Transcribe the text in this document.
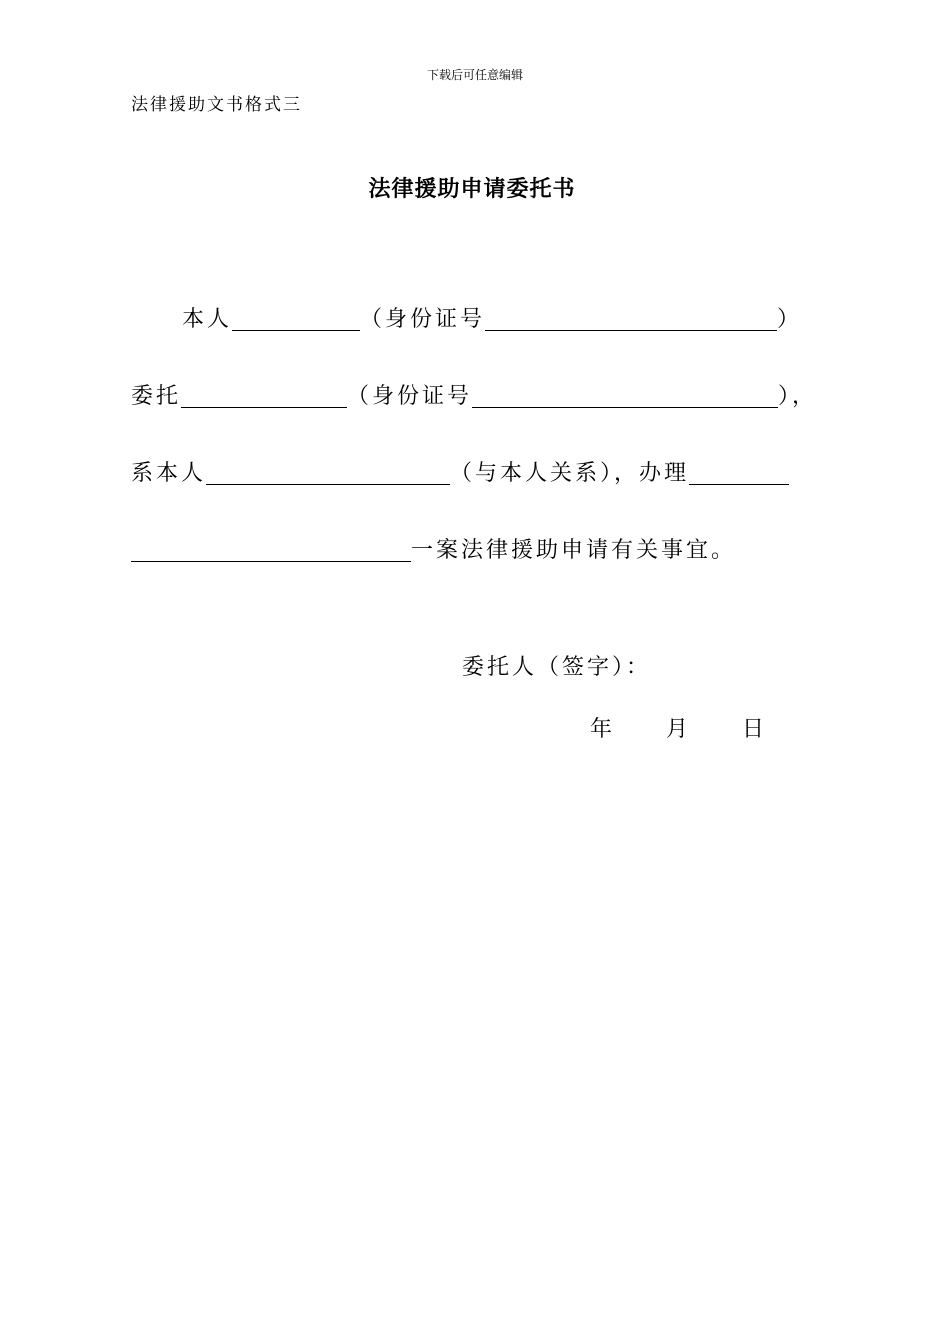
下载后可任意编辑
法律援助文书格式三
法律援助申请委托书
本人	（身份证号	）
委托	（身份证号	），
系本人	（与本人关系），办理
一案法律援助申请有关事宜。
委托人（签字）：
年 月 日
